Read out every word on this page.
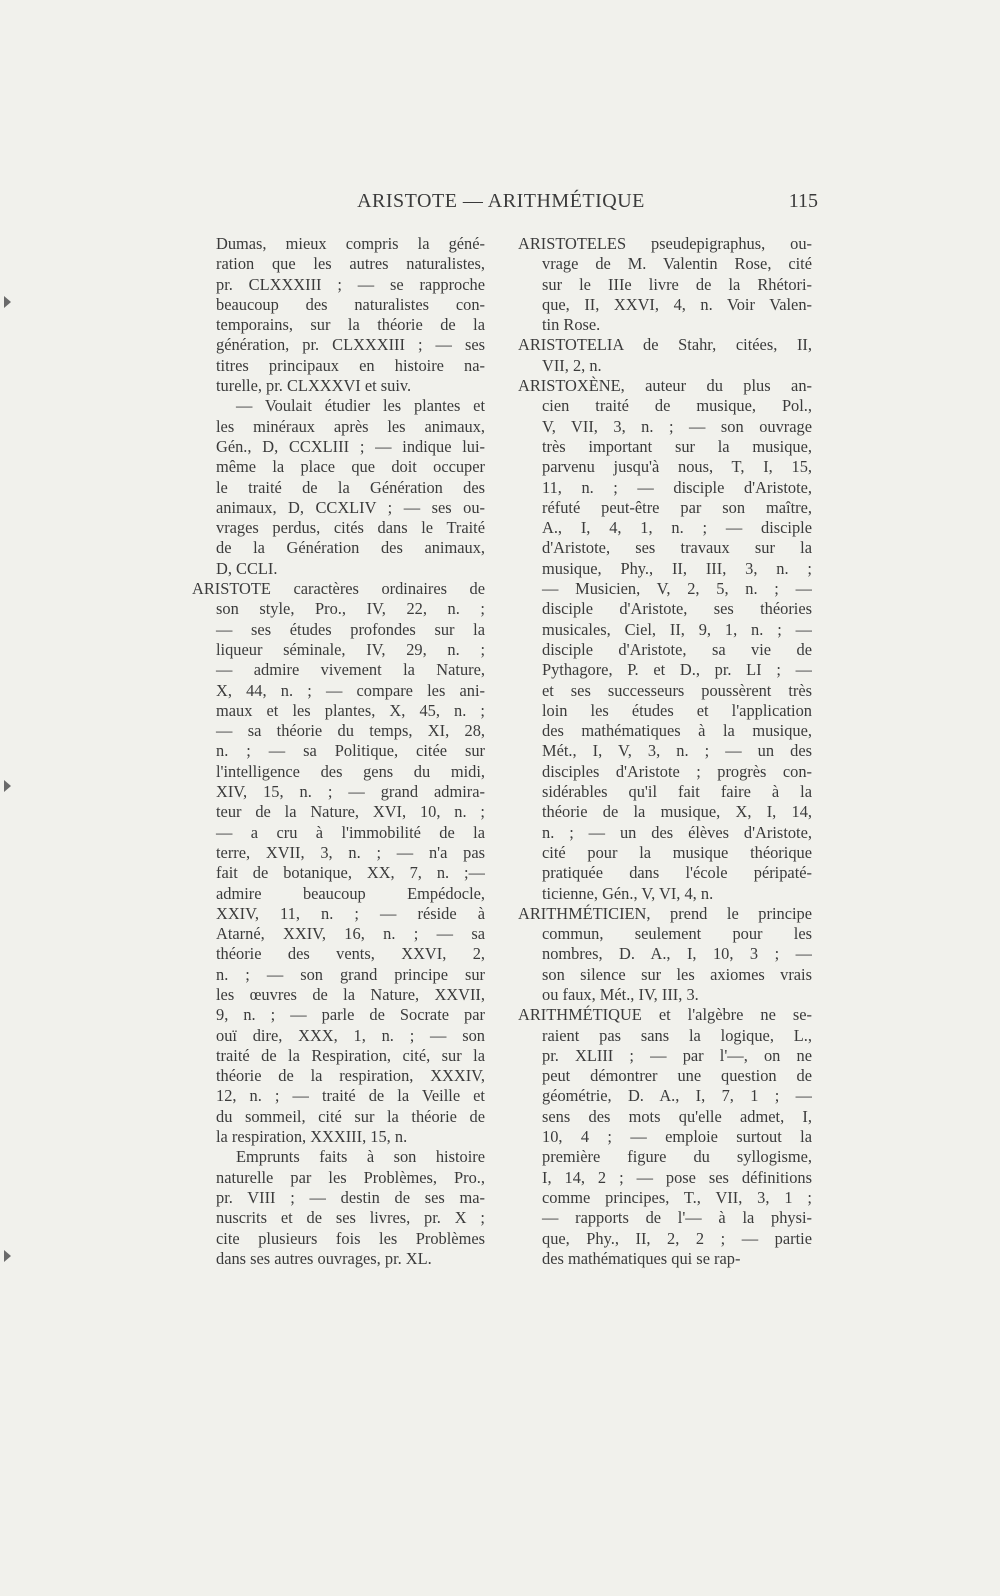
ARISTOTE — ARITHMÉTIQUE	115
Dumas, mieux compris la géné-
ration que les autres naturalistes,
pr. CLXXXIII ; — se rapproche
beaucoup des naturalistes con-
temporains, sur la théorie de la
génération, pr. CLXXXIII ; — ses
titres principaux en histoire na-
turelle, pr. CLXXXVI et suiv.
— Voulait étudier les plantes et
les minéraux après les animaux,
Gén., D, CCXLIII ; — indique lui-
même la place que doit occuper
le traité de la Génération des
animaux, D, CCXLIV ; — ses ou-
vrages perdus, cités dans le Traité
de la Génération des animaux,
D, CCLI.
ARISTOTE caractères ordinaires de
son style, Pro., IV, 22, n. ;
— ses études profondes sur la
liqueur séminale, IV, 29, n. ;
— admire vivement la Nature,
X, 44, n. ; — compare les ani-
maux et les plantes, X, 45, n. ;
— sa théorie du temps, XI, 28,
n. ; — sa Politique, citée sur
l'intelligence des gens du midi,
XIV, 15, n. ; — grand admira-
teur de la Nature, XVI, 10, n. ;
— a cru à l'immobilité de la
terre, XVII, 3, n. ; — n'a pas
fait de botanique, XX, 7, n. ;—
admire beaucoup Empédocle,
XXIV, 11, n. ; — réside à
Atarné, XXIV, 16, n. ; — sa
théorie des vents, XXVI, 2,
n. ; — son grand principe sur
les œuvres de la Nature, XXVII,
9, n. ; — parle de Socrate par
ouï dire, XXX, 1, n. ; — son
traité de la Respiration, cité, sur la
théorie de la respiration, XXXIV,
12, n. ; — traité de la Veille et
du sommeil, cité sur la théorie de
la respiration, XXXIII, 15, n.
Emprunts faits à son histoire
naturelle par les Problèmes, Pro.,
pr. VIII ; — destin de ses ma-
nuscrits et de ses livres, pr. X ;
cite plusieurs fois les Problèmes
dans ses autres ouvrages, pr. XL.
ARISTOTELES pseudepigraphus, ou-
vrage de M. Valentin Rose, cité
sur le IIIe livre de la Rhétori-
que, II, XXVI, 4, n. Voir Valen-
tin Rose.
ARISTOTELIA de Stahr, citées, II,
VII, 2, n.
ARISTOXÈNE, auteur du plus an-
cien traité de musique, Pol.,
V, VII, 3, n. ; — son ouvrage
très important sur la musique,
parvenu jusqu'à nous, T, I, 15,
11, n. ; — disciple d'Aristote,
réfuté peut-être par son maître,
A., I, 4, 1, n. ; — disciple
d'Aristote, ses travaux sur la
musique, Phy., II, III, 3, n. ;
— Musicien, V, 2, 5, n. ; —
disciple d'Aristote, ses théories
musicales, Ciel, II, 9, 1, n. ; —
disciple d'Aristote, sa vie de
Pythagore, P. et D., pr. LI ; —
et ses successeurs poussèrent très
loin les études et l'application
des mathématiques à la musique,
Mét., I, V, 3, n. ; — un des
disciples d'Aristote ; progrès con-
sidérables qu'il fait faire à la
théorie de la musique, X, I, 14,
n. ; — un des élèves d'Aristote,
cité pour la musique théorique
pratiquée dans l'école péripaté-
ticienne, Gén., V, VI, 4, n.
ARITHMÉTICIEN, prend le principe
commun, seulement pour les
nombres, D. A., I, 10, 3 ; —
son silence sur les axiomes vrais
ou faux, Mét., IV, III, 3.
ARITHMÉTIQUE et l'algèbre ne se-
raient pas sans la logique, L.,
pr. XLIII ; — par l'—, on ne
peut démontrer une question de
géométrie, D. A., I, 7, 1 ; —
sens des mots qu'elle admet, I,
10, 4 ; — emploie surtout la
première figure du syllogisme,
I, 14, 2 ; — pose ses définitions
comme principes, T., VII, 3, 1 ;
— rapports de l'— à la physi-
que, Phy., II, 2, 2 ; — partie
des mathématiques qui se rap-
